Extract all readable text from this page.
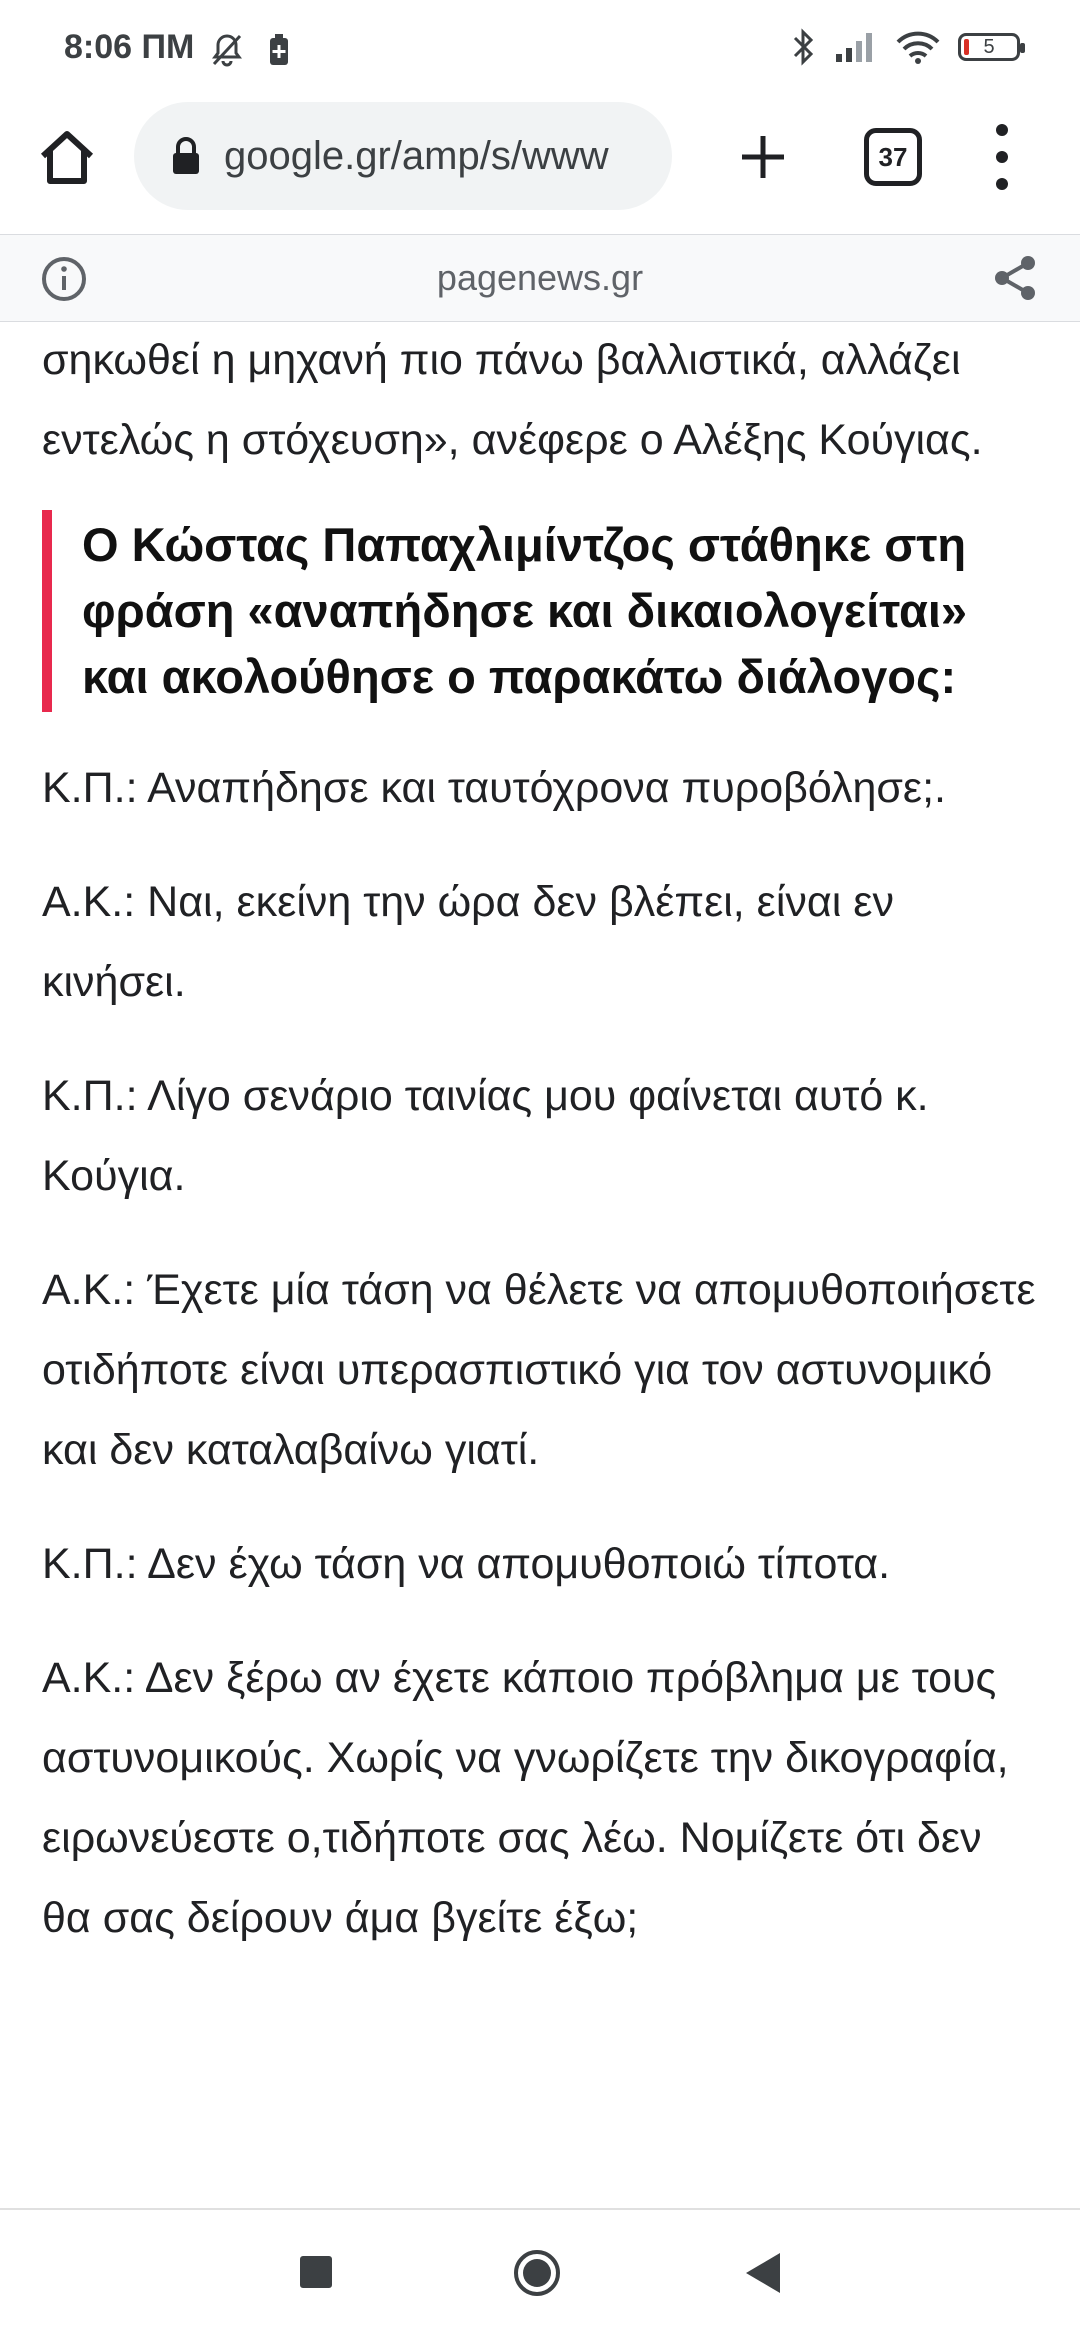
8:06 ΠΜ	5
google.gr/amp/s/www	37
pagenews.gr

σηκωθεί η μηχανή πιο πάνω βαλλιστικά, αλλάζει εντελώς η στόχευση», ανέφερε ο Αλέξης Κούγιας.

Ο Κώστας Παπαχλιμίντζος στάθηκε στη φράση «αναπήδησε και δικαιολογείται» και ακολούθησε ο παρακάτω διάλογος:

Κ.Π.: Αναπήδησε και ταυτόχρονα πυροβόλησε;.

Α.Κ.: Ναι, εκείνη την ώρα δεν βλέπει, είναι εν κινήσει.

Κ.Π.: Λίγο σενάριο ταινίας μου φαίνεται αυτό κ. Κούγια.

Α.Κ.: Έχετε μία τάση να θέλετε να απομυθοποιήσετε οτιδήποτε είναι υπερασπιστικό για τον αστυνομικό και δεν καταλαβαίνω γιατί.

Κ.Π.: Δεν έχω τάση να απομυθοποιώ τίποτα.

Α.Κ.: Δεν ξέρω αν έχετε κάποιο πρόβλημα με τους αστυνομικούς. Χωρίς να γνωρίζετε την δικογραφία, ειρωνεύεστε ο,τιδήποτε σας λέω. Νομίζετε ότι δεν θα σας δείρουν άμα βγείτε έξω;
